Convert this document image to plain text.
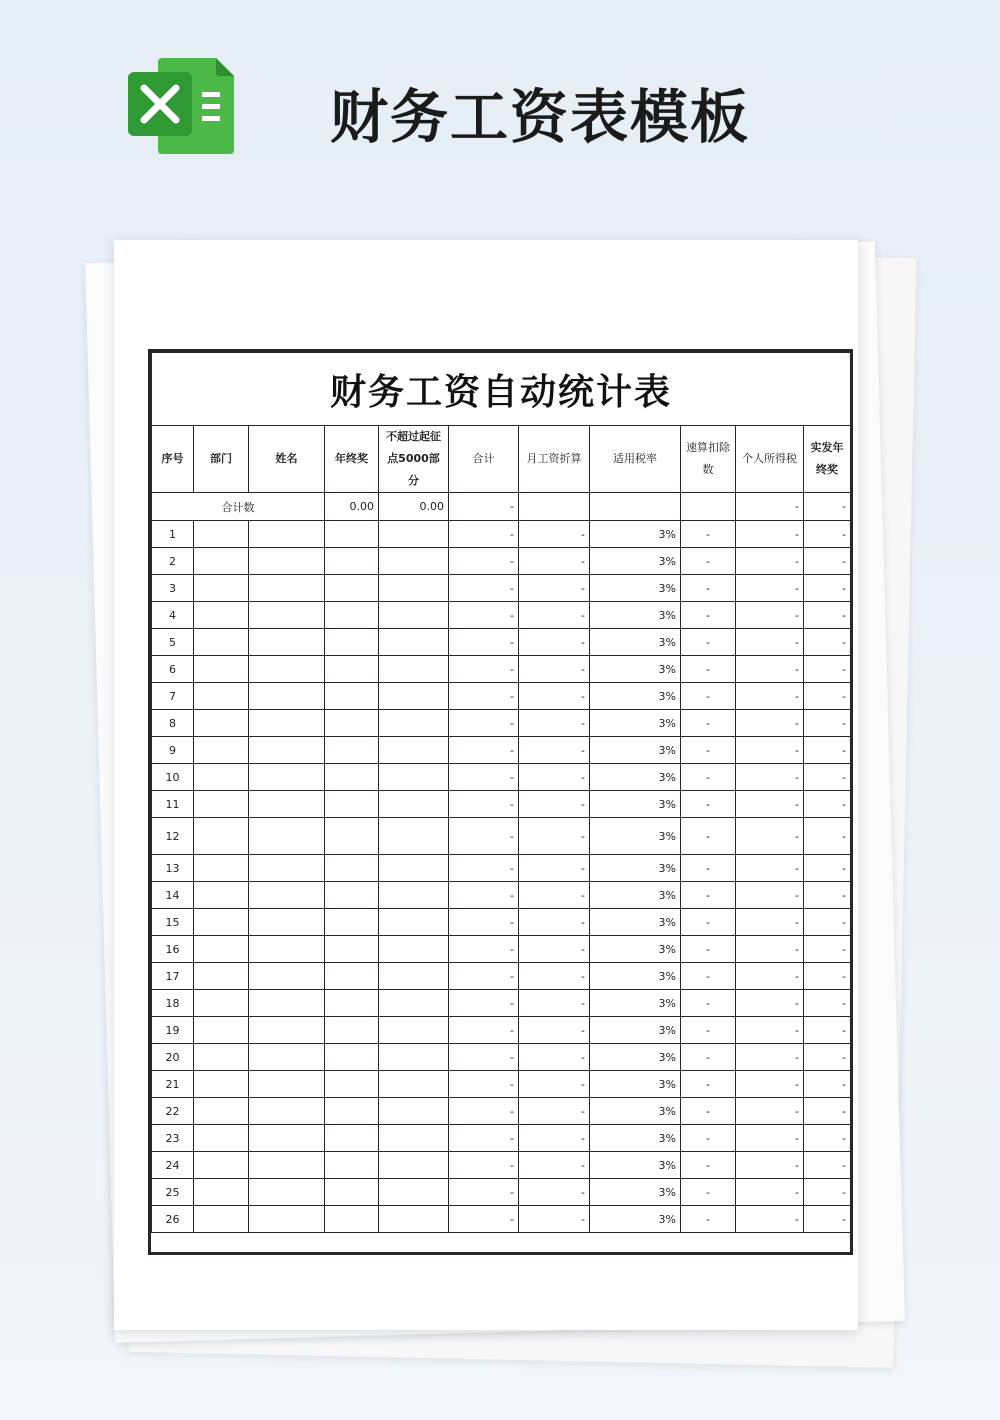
财务工资表模板
财务工资自动统计表										
序号	部门	姓名	年终奖	不超过起征点5000部分	合计	月工资折算	适用税率	速算扣除数	个人所得税	实发年终奖
合计数			0.00	0.00	-				-	-
1					-	-	3%	-	-	-
2					-	-	3%	-	-	-
3					-	-	3%	-	-	-
4					-	-	3%	-	-	-
5					-	-	3%	-	-	-
6					-	-	3%	-	-	-
7					-	-	3%	-	-	-
8					-	-	3%	-	-	-
9					-	-	3%	-	-	-
10					-	-	3%	-	-	-
11					-	-	3%	-	-	-
12					-	-	3%	-	-	-
13					-	-	3%	-	-	-
14					-	-	3%	-	-	-
15					-	-	3%	-	-	-
16					-	-	3%	-	-	-
17					-	-	3%	-	-	-
18					-	-	3%	-	-	-
19					-	-	3%	-	-	-
20					-	-	3%	-	-	-
21					-	-	3%	-	-	-
22					-	-	3%	-	-	-
23					-	-	3%	-	-	-
24					-	-	3%	-	-	-
25					-	-	3%	-	-	-
26					-	-	3%	-	-	-
